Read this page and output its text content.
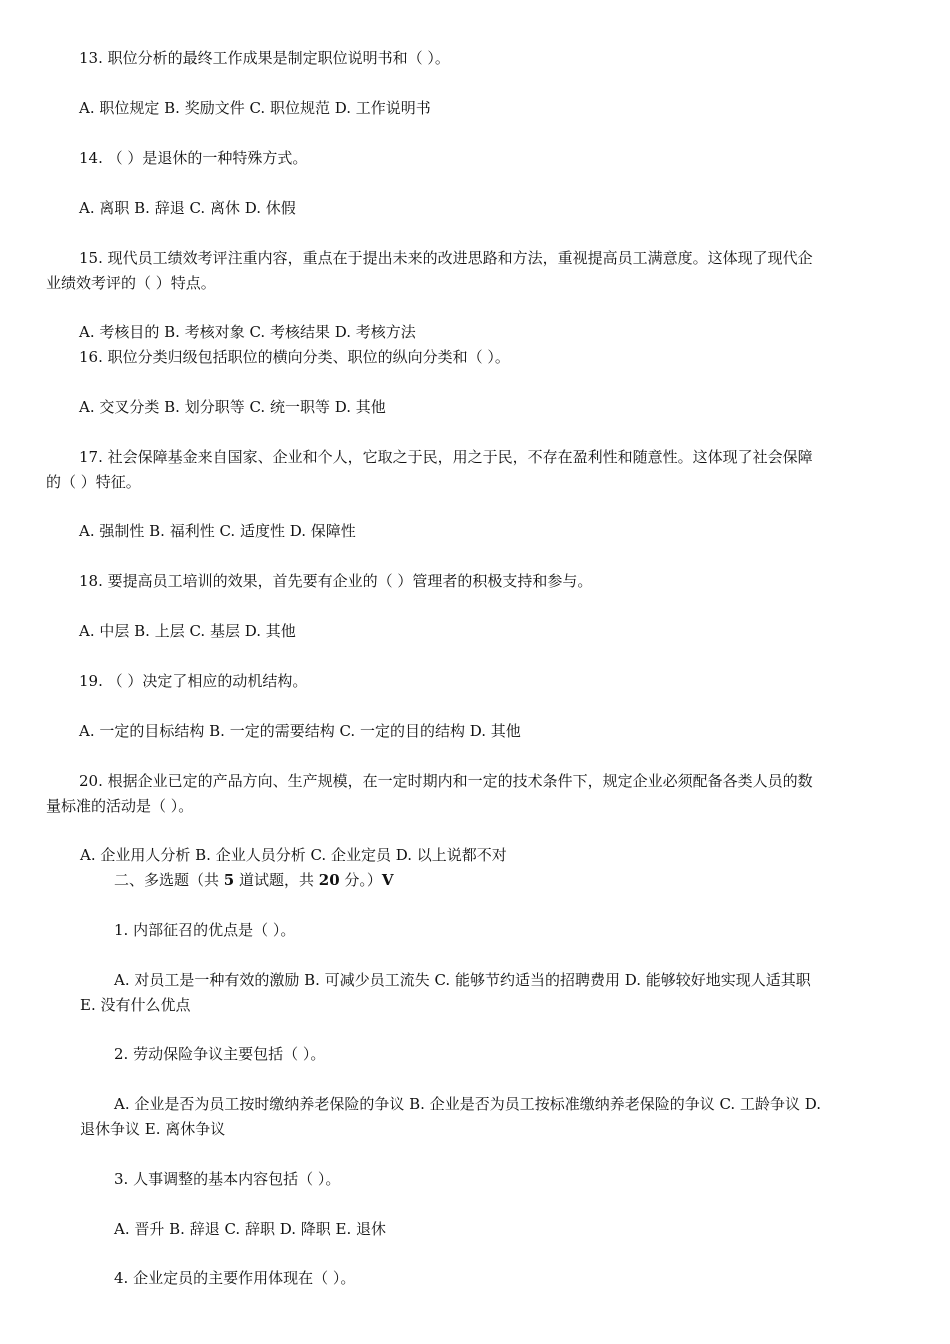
13. 职位分析的最终工作成果是制定职位说明书和（ ）。
A. 职位规定 B. 奖励文件 C. 职位规范 D. 工作说明书
14. （ ）是退休的一种特殊方式。
A. 离职 B. 辞退 C. 离休 D. 休假
15. 现代员工绩效考评注重内容，重点在于提出未来的改进思路和方法，重视提高员工满意度。这体现了现代企
业绩效考评的（ ）特点。
A. 考核目的 B. 考核对象 C. 考核结果 D. 考核方法
16. 职位分类归级包括职位的横向分类、职位的纵向分类和（ ）。
A. 交叉分类 B. 划分职等 C. 统一职等 D. 其他
17. 社会保障基金来自国家、企业和个人，它取之于民，用之于民，不存在盈利性和随意性。这体现了社会保障
的（ ）特征。
A. 强制性 B. 福利性 C. 适度性 D. 保障性
18. 要提高员工培训的效果，首先要有企业的（ ）管理者的积极支持和参与。
A. 中层 B. 上层 C. 基层 D. 其他
19. （ ）决定了相应的动机结构。
A. 一定的目标结构 B. 一定的需要结构 C. 一定的目的结构 D. 其他
20. 根据企业已定的产品方向、生产规模，在一定时期内和一定的技术条件下，规定企业必须配备各类人员的数
量标准的活动是（ ）。
A. 企业用人分析 B. 企业人员分析 C. 企业定员 D. 以上说都不对
二、多选题（共 5 道试题，共 20 分。）V
1. 内部征召的优点是（ ）。
A. 对员工是一种有效的激励 B. 可减少员工流失 C. 能够节约适当的招聘费用 D. 能够较好地实现人适其职
E. 没有什么优点
2. 劳动保险争议主要包括（ ）。
A. 企业是否为员工按时缴纳养老保险的争议 B. 企业是否为员工按标准缴纳养老保险的争议 C. 工龄争议 D.
退休争议 E. 离休争议
3. 人事调整的基本内容包括（ ）。
A. 晋升 B. 辞退 C. 辞职 D. 降职 E. 退休
4. 企业定员的主要作用体现在（ ）。
